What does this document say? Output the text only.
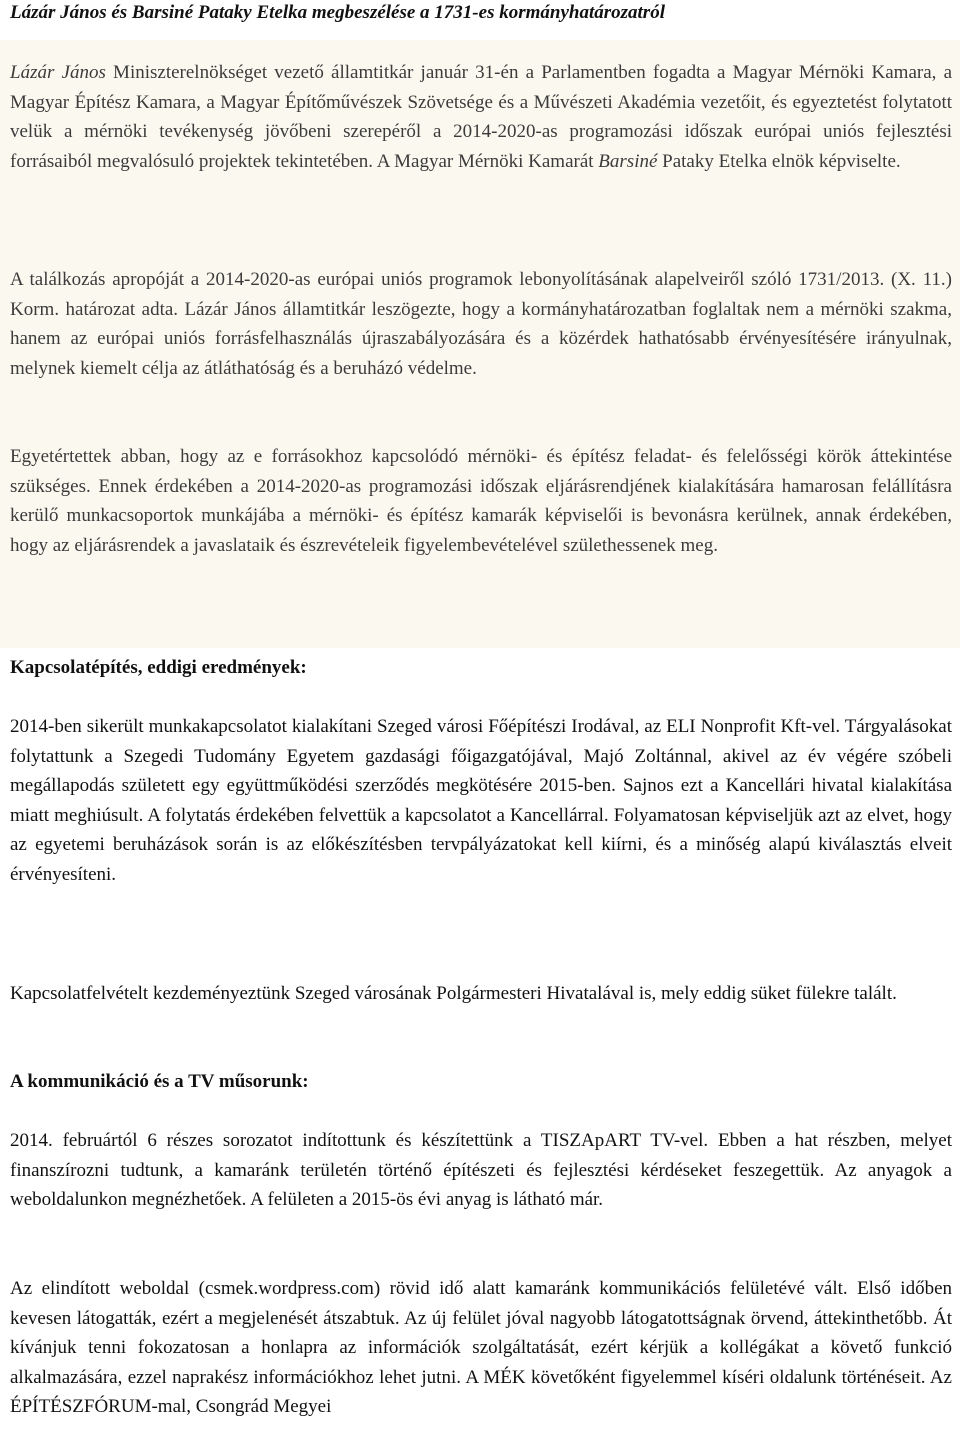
Lázár János és Barsiné Pataky Etelka megbeszélése a 1731-es kormányhatározatról

Lázár János Miniszterelnökséget vezető államtitkár január 31-én a Parlamentben fogadta a Magyar Mérnöki Kamara, a Magyar Építész Kamara, a Magyar Építőművészek Szövetsége és a Művészeti Akadémia vezetőit, és egyeztetést folytatott velük a mérnöki tevékenység jövőbeni szerepéről a 2014-2020-as programozási időszak európai uniós fejlesztési forrásaiból megvalósuló projektek tekintetében. A Magyar Mérnöki Kamarát Barsiné Pataky Etelka elnök képviselte.

A találkozás apropóját a 2014-2020-as európai uniós programok lebonyolításának alapelveiről szóló 1731/2013. (X. 11.) Korm. határozat adta. Lázár János államtitkár leszögezte, hogy a kormányhatározatban foglaltak nem a mérnöki szakma, hanem az európai uniós forrásfelhasználás újraszabályozására és a közérdek hathatósabb érvényesítésére irányulnak, melynek kiemelt célja az átláthatóság és a beruházó védelme.

Egyetértettek abban, hogy az e forrásokhoz kapcsolódó mérnöki- és építész feladat- és felelősségi körök áttekintése szükséges. Ennek érdekében a 2014-2020-as programozási időszak eljárásrendjének kialakítására hamarosan felállításra kerülő munkacsoportok munkájába a mérnöki- és építész kamarák képviselői is bevonásra kerülnek, annak érdekében, hogy az eljárásrendek a javaslataik és észrevételeik figyelembevételével születhessenek meg.

Kapcsolatépítés, eddigi eredmények:

2014-ben sikerült munkakapcsolatot kialakítani Szeged városi Főépítészi Irodával, az ELI Nonprofit Kft-vel. Tárgyalásokat folytattunk a Szegedi Tudomány Egyetem gazdasági főigazgatójával, Majó Zoltánnal, akivel az év végére szóbeli megállapodás született egy együttműködési szerződés megkötésére 2015-ben. Sajnos ezt a Kancellári hivatal kialakítása miatt meghiúsult. A folytatás érdekében felvettük a kapcsolatot a Kancellárral. Folyamatosan képviseljük azt az elvet, hogy az egyetemi beruházások során is az előkészítésben tervpályázatokat kell kiírni, és a minőség alapú kiválasztás elveit érvényesíteni.

Kapcsolatfelvételt kezdeményeztünk Szeged városának Polgármesteri Hivatalával is, mely eddig süket fülekre talált.

A kommunikáció és a TV műsorunk:

2014. februártól 6 részes sorozatot indítottunk és készítettünk a TISZApART TV-vel. Ebben a hat részben, melyet finanszírozni tudtunk, a kamaránk területén történő építészeti és fejlesztési kérdéseket feszegettük. Az anyagok a weboldalunkon megnézhetőek. A felületen a 2015-ös évi anyag is látható már.

Az elindított weboldal (csmek.wordpress.com) rövid idő alatt kamaránk kommunikációs felületévé vált. Első időben kevesen látogatták, ezért a megjelenését átszabtuk. Az új felület jóval nagyobb látogatottságnak örvend, áttekinthetőbb. Át kívánjuk tenni fokozatosan a honlapra az információk szolgáltatását, ezért kérjük a kollégákat a követő funkció alkalmazására, ezzel naprakész információkhoz lehet jutni. A MÉK követőként figyelemmel kíséri oldalunk történéseit. Az ÉPÍTÉSZFÓRUM-mal, Csongrád Megyei
